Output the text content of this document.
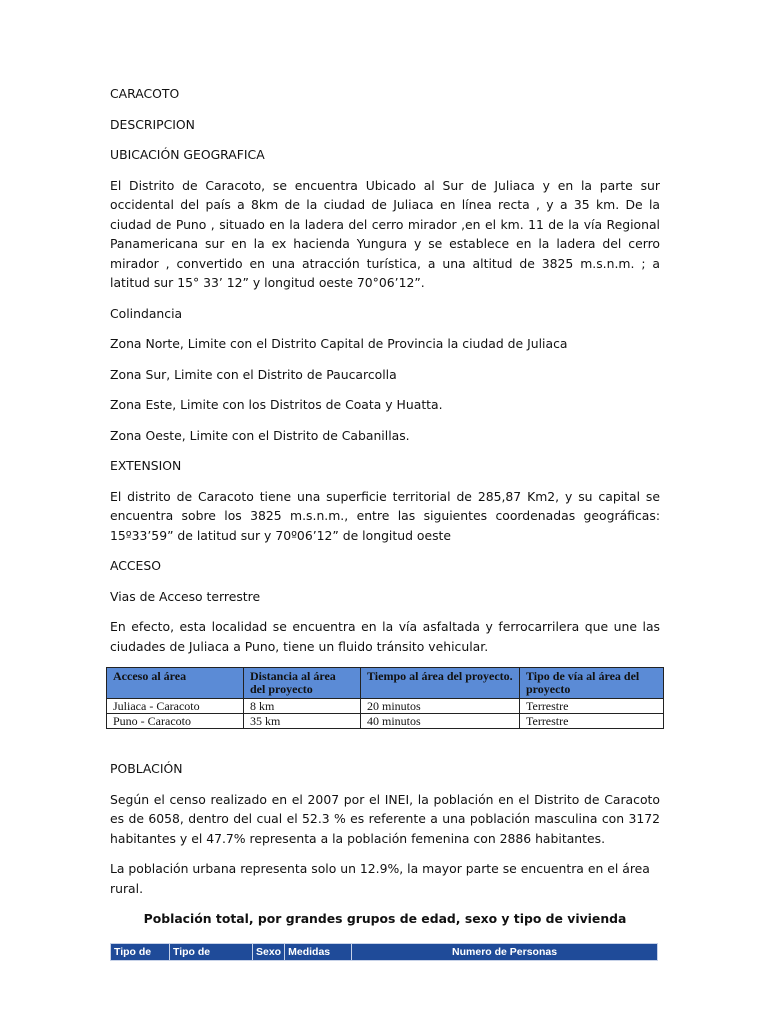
CARACOTO

DESCRIPCION

UBICACIÓN GEOGRAFICA

El Distrito de Caracoto, se encuentra Ubicado al Sur de Juliaca y en la parte sur occidental del país a 8km de la ciudad de Juliaca en línea recta , y a 35 km. De la ciudad de Puno , situado en la ladera del cerro mirador ,en el km. 11 de la vía Regional Panamericana sur en la ex hacienda Yungura y se establece en la ladera del cerro mirador , convertido en una atracción turística, a una altitud de 3825 m.s.n.m. ; a latitud sur 15° 33’ 12” y longitud oeste 70°06’12”.

Colindancia

Zona Norte, Limite con el Distrito Capital de Provincia la ciudad de Juliaca

Zona Sur, Limite con el Distrito de Paucarcolla

Zona Este, Limite con los Distritos de Coata y Huatta.

Zona Oeste, Limite con el Distrito de Cabanillas.

EXTENSION

El distrito de Caracoto tiene una superficie territorial de 285,87 Km2, y su capital se encuentra sobre los 3825 m.s.n.m., entre las siguientes coordenadas geográficas: 15º33’59” de latitud sur y 70º06’12” de longitud oeste

ACCESO

Vias de Acceso terrestre

En efecto, esta localidad se encuentra en la vía asfaltada y ferrocarrilera que une las ciudades de Juliaca a Puno, tiene un fluido tránsito vehicular.

Acceso al área	Distancia al área del proyecto	Tiempo al área del proyecto.	Tipo de vía al área del proyecto
Juliaca - Caracoto	8 km	20 minutos	Terrestre
Puno - Caracoto	35 km	40 minutos	Terrestre

POBLACIÓN

Según el censo realizado en el 2007 por el INEI, la población en el Distrito de Caracoto es de 6058, dentro del cual el 52.3 % es referente a una población masculina con 3172 habitantes y el 47.7% representa a la población femenina con 2886 habitantes.

La población urbana representa solo un 12.9%, la mayor parte se encuentra en el área rural.

Población total, por grandes grupos de edad, sexo y tipo de vivienda

Tipo de	Tipo de	Sexo	Medidas	Numero de Personas
